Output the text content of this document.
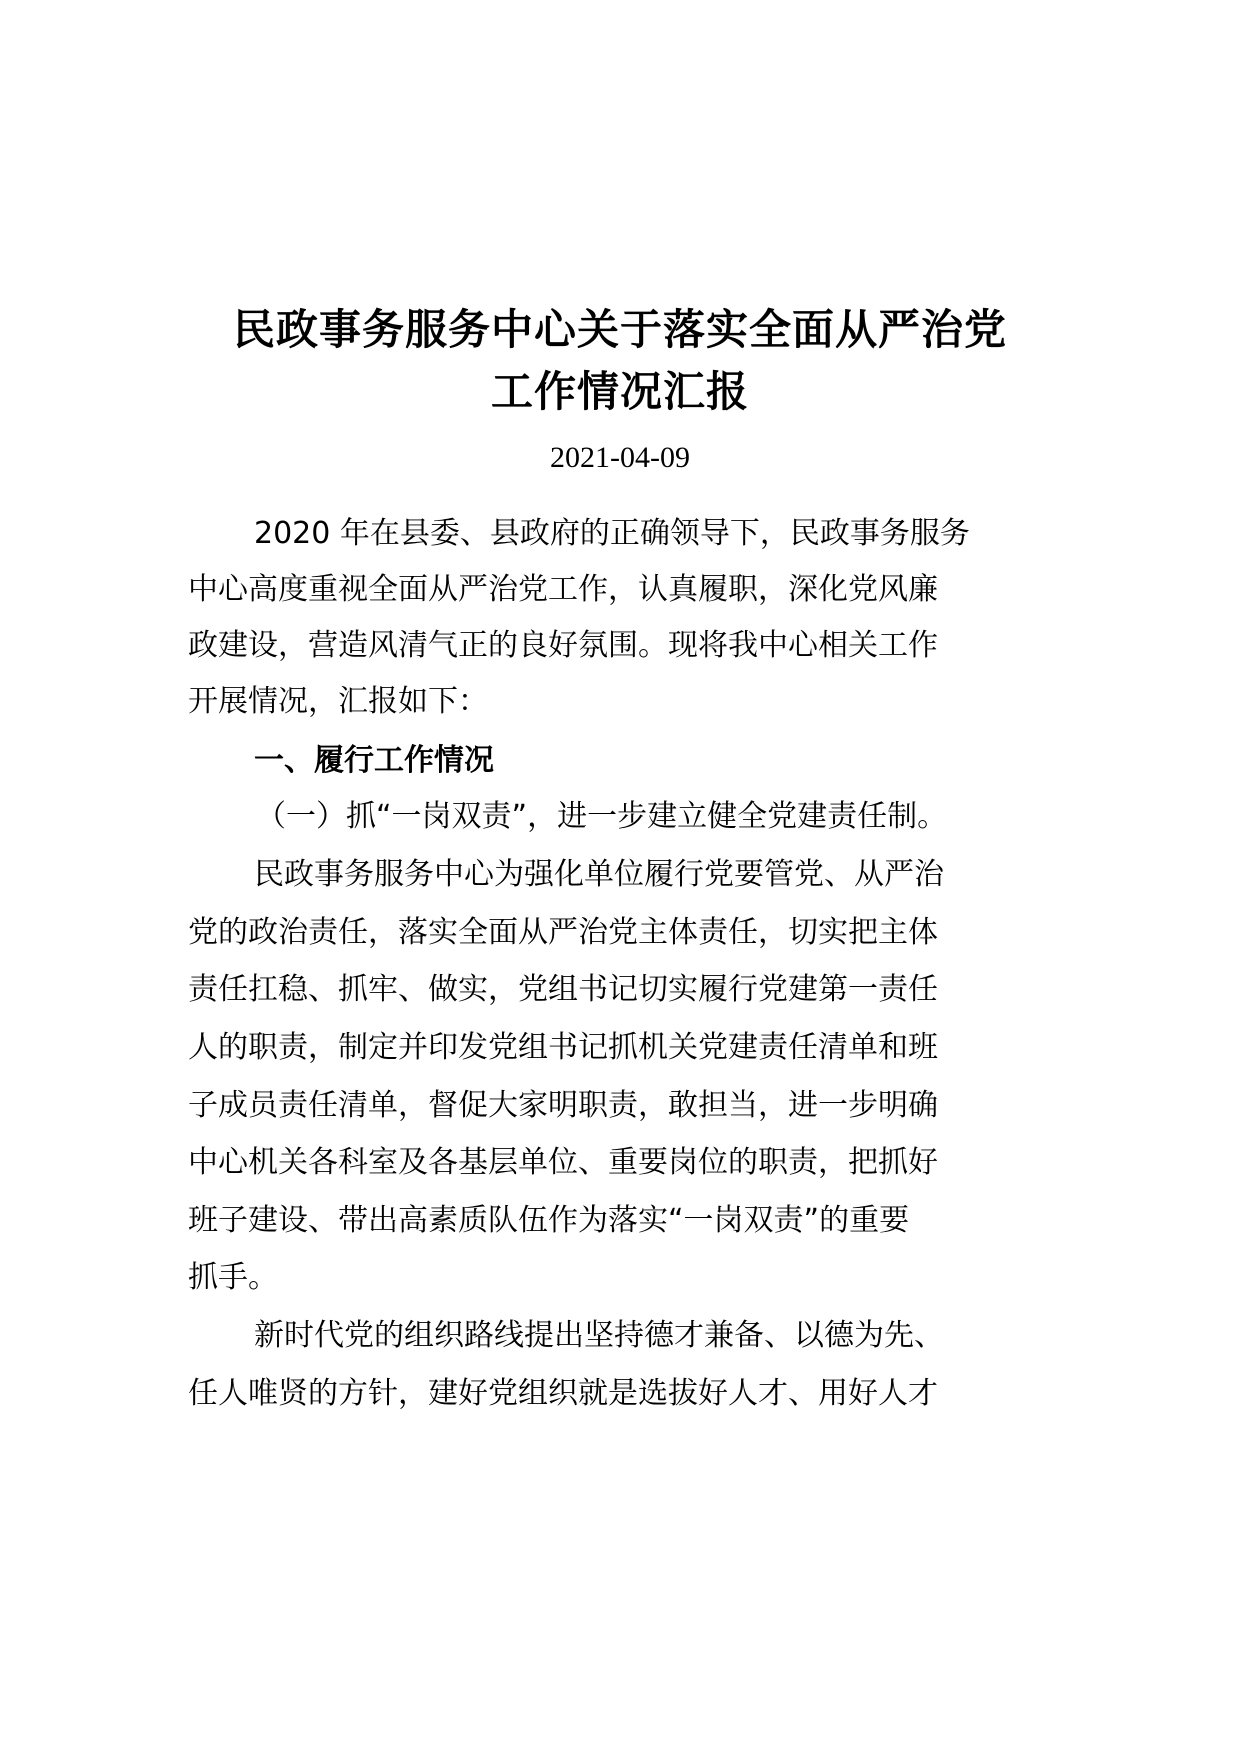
民政事务服务中心关于落实全面从严治党
工作情况汇报
2021-04-09
2020 年在县委、县政府的正确领导下，民政事务服务
中心高度重视全面从严治党工作，认真履职，深化党风廉
政建设，营造风清气正的良好氛围。现将我中心相关工作
开展情况，汇报如下：
一、履行工作情况
（一）抓“一岗双责”，进一步建立健全党建责任制。
民政事务服务中心为强化单位履行党要管党、从严治
党的政治责任，落实全面从严治党主体责任，切实把主体
责任扛稳、抓牢、做实，党组书记切实履行党建第一责任
人的职责，制定并印发党组书记抓机关党建责任清单和班
子成员责任清单，督促大家明职责，敢担当，进一步明确
中心机关各科室及各基层单位、重要岗位的职责，把抓好
班子建设、带出高素质队伍作为落实“一岗双责”的重要
抓手。
新时代党的组织路线提出坚持德才兼备、以德为先、
任人唯贤的方针，建好党组织就是选拔好人才、用好人才
